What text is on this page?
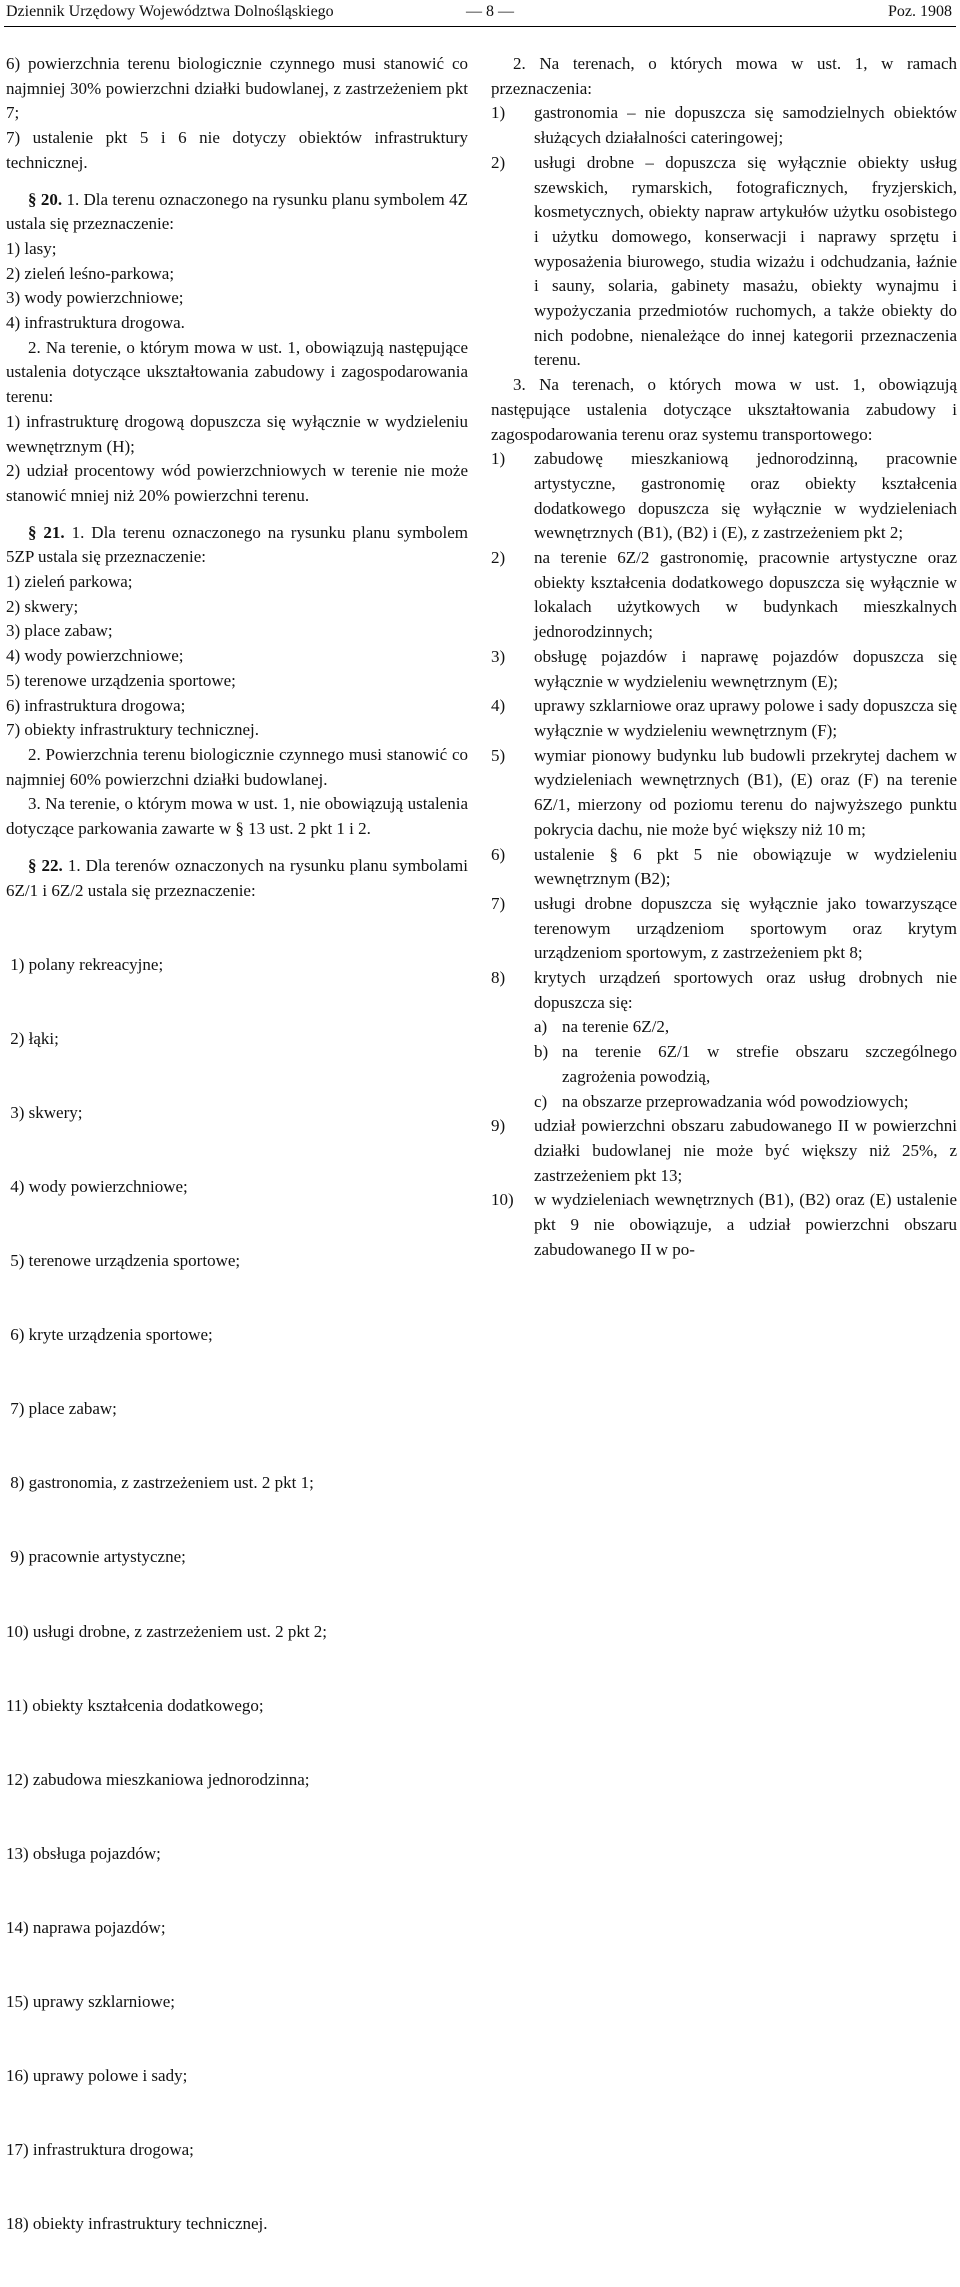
Dziennik Urzędowy Województwa Dolnośląskiego	— 8 —	Poz. 1908

6) powierzchnia terenu biologicznie czynnego musi stanowić co najmniej 30% powierzchni działki budowlanej, z zastrzeżeniem pkt 7;

7) ustalenie pkt 5 i 6 nie dotyczy obiektów infrastruktury technicznej.

§ 20. 1. Dla terenu oznaczonego na rysunku planu symbolem 4Z ustala się przeznaczenie:

1) lasy;

2) zieleń leśno-parkowa;

3) wody powierzchniowe;

4) infrastruktura drogowa.

2. Na terenie, o którym mowa w ust. 1, obowiązują następujące ustalenia dotyczące ukształtowania zabudowy i zagospodarowania terenu:

1) infrastrukturę drogową dopuszcza się wyłącznie w wydzieleniu wewnętrznym (H);

2) udział procentowy wód powierzchniowych w terenie nie może stanowić mniej niż 20% powierzchni terenu.

§ 21. 1. Dla terenu oznaczonego na rysunku planu symbolem 5ZP ustala się przeznaczenie:

1) zieleń parkowa;

2) skwery;

3) place zabaw;

4) wody powierzchniowe;

5) terenowe urządzenia sportowe;

6) infrastruktura drogowa;

7) obiekty infrastruktury technicznej.

2. Powierzchnia terenu biologicznie czynnego musi stanowić co najmniej 60% powierzchni działki budowlanej.

3. Na terenie, o którym mowa w ust. 1, nie obowiązują ustalenia dotyczące parkowania zawarte w § 13 ust. 2 pkt 1 i 2.

§ 22. 1. Dla terenów oznaczonych na rysunku planu symbolami 6Z/1 i 6Z/2 ustala się przeznaczenie:

1) polany rekreacyjne;

2) łąki;

3) skwery;

4) wody powierzchniowe;

5) terenowe urządzenia sportowe;

6) kryte urządzenia sportowe;

7) place zabaw;

8) gastronomia, z zastrzeżeniem ust. 2 pkt 1;

9) pracownie artystyczne;

10) usługi drobne, z zastrzeżeniem ust. 2 pkt 2;

11) obiekty kształcenia dodatkowego;

12) zabudowa mieszkaniowa jednorodzinna;

13) obsługa pojazdów;

14) naprawa pojazdów;

15) uprawy szklarniowe;

16) uprawy polowe i sady;

17) infrastruktura drogowa;

18) obiekty infrastruktury technicznej.

2. Na terenach, o których mowa w ust. 1, w ramach przeznaczenia:

1) gastronomia – nie dopuszcza się samodzielnych obiektów służących działalności cateringowej;
2) usługi drobne – dopuszcza się wyłącznie obiekty usług szewskich, rymarskich, fotograficznych, fryzjerskich, kosmetycznych, obiekty napraw artykułów użytku osobistego i użytku domowego, konserwacji i naprawy sprzętu i wyposażenia biurowego, studia wizażu i odchudzania, łaźnie i sauny, solaria, gabinety masażu, obiekty wynajmu i wypożyczania przedmiotów ruchomych, a także obiekty do nich podobne, nienależące do innej kategorii przeznaczenia terenu.

3. Na terenach, o których mowa w ust. 1, obowiązują następujące ustalenia dotyczące ukształtowania zabudowy i zagospodarowania terenu oraz systemu transportowego:

1) zabudowę mieszkaniową jednorodzinną, pracownie artystyczne, gastronomię oraz obiekty kształcenia dodatkowego dopuszcza się wyłącznie w wydzieleniach wewnętrznych (B1), (B2) i (E), z zastrzeżeniem pkt 2;
2) na terenie 6Z/2 gastronomię, pracownie artystyczne oraz obiekty kształcenia dodatkowego dopuszcza się wyłącznie w lokalach użytkowych w budynkach mieszkalnych jednorodzinnych;
3) obsługę pojazdów i naprawę pojazdów dopuszcza się wyłącznie w wydzieleniu wewnętrznym (E);
4) uprawy szklarniowe oraz uprawy polowe i sady dopuszcza się wyłącznie w wydzieleniu wewnętrznym (F);
5) wymiar pionowy budynku lub budowli przekrytej dachem w wydzieleniach wewnętrznych (B1), (E) oraz (F) na terenie 6Z/1, mierzony od poziomu terenu do najwyższego punktu pokrycia dachu, nie może być większy niż 10 m;
6) ustalenie § 6 pkt 5 nie obowiązuje w wydzieleniu wewnętrznym (B2);
7) usługi drobne dopuszcza się wyłącznie jako towarzyszące terenowym urządzeniom sportowym oraz krytym urządzeniom sportowym, z zastrzeżeniem pkt 8;
8) krytych urządzeń sportowych oraz usług drobnych nie dopuszcza się:
a) na terenie 6Z/2,
b) na terenie 6Z/1 w strefie obszaru szczególnego zagrożenia powodzią,
c) na obszarze przeprowadzania wód powodziowych;
9) udział powierzchni obszaru zabudowanego II w powierzchni działki budowlanej nie może być większy niż 25%, z zastrzeżeniem pkt 13;
10) w wydzieleniach wewnętrznych (B1), (B2) oraz (E) ustalenie pkt 9 nie obowiązuje, a udział powierzchni obszaru zabudowanego II w po-
